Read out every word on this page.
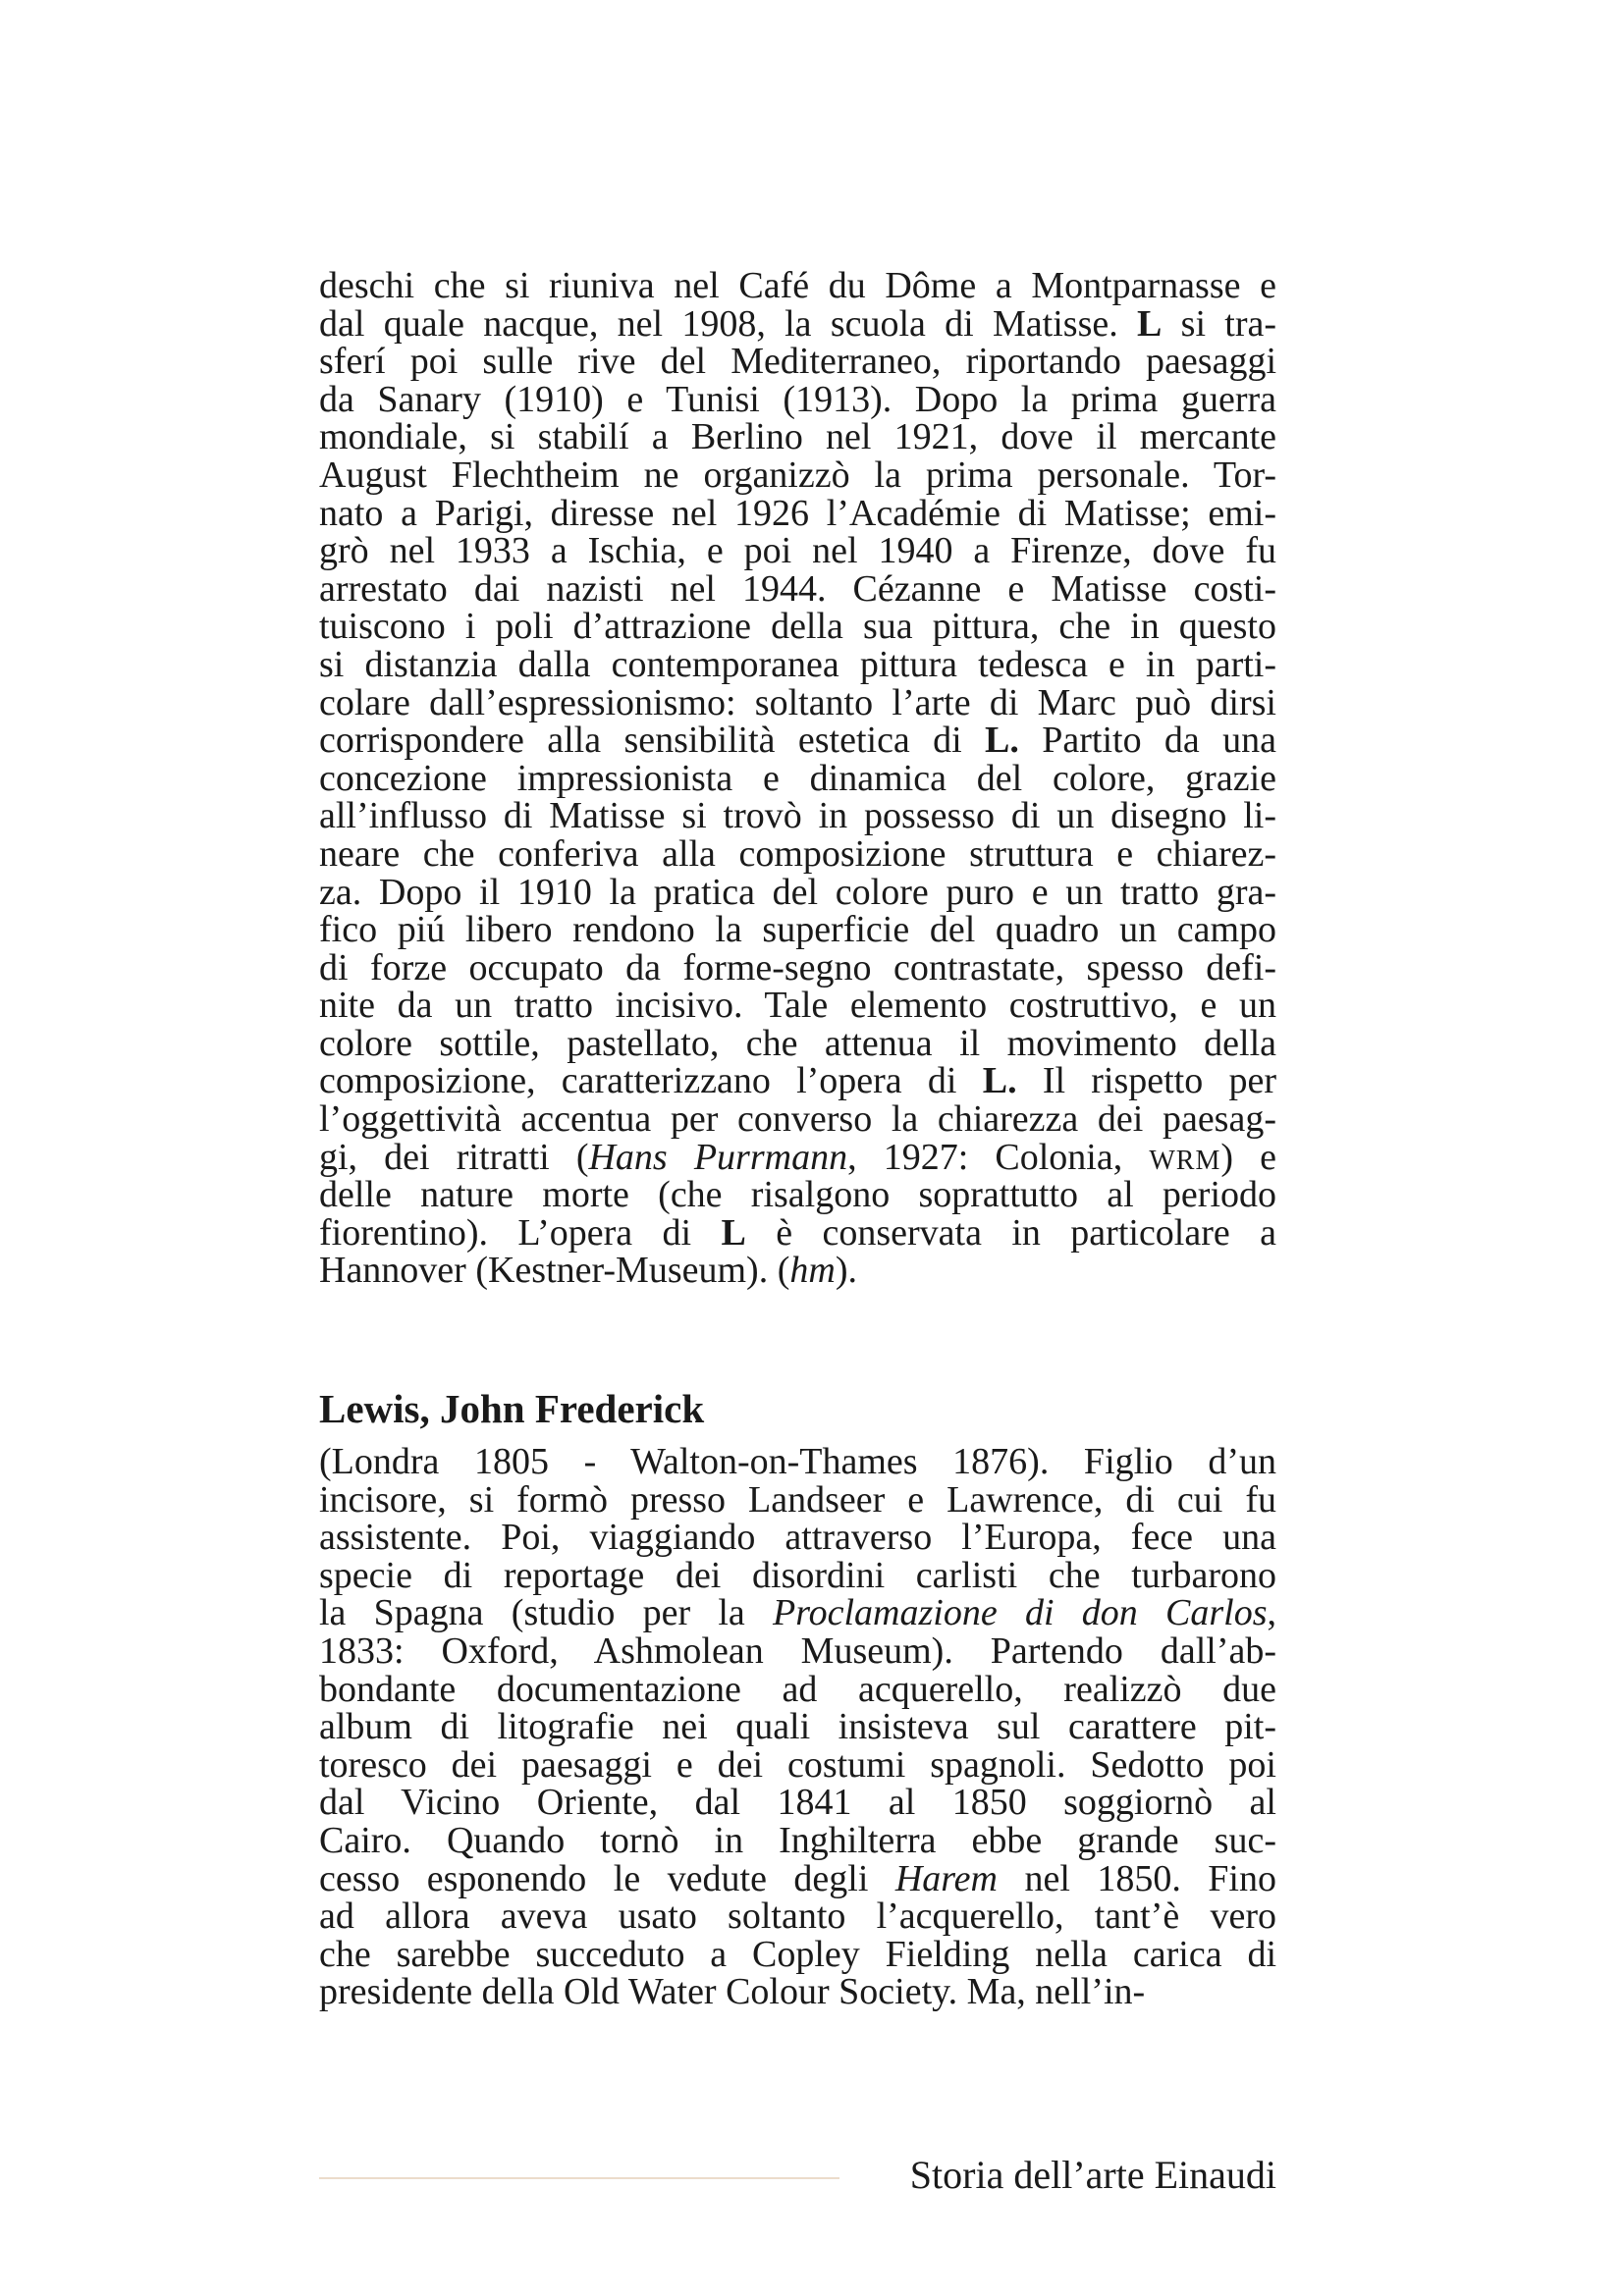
deschi che si riuniva nel Café du Dôme a Montparnasse e
dal quale nacque, nel 1908, la scuola di Matisse. L si tra-
sferí poi sulle rive del Mediterraneo, riportando paesaggi
da Sanary (1910) e Tunisi (1913). Dopo la prima guerra
mondiale, si stabilí a Berlino nel 1921, dove il mercante
August Flechtheim ne organizzò la prima personale. Tor-
nato a Parigi, diresse nel 1926 l’Académie di Matisse; emi-
grò nel 1933 a Ischia, e poi nel 1940 a Firenze, dove fu
arrestato dai nazisti nel 1944. Cézanne e Matisse costi-
tuiscono i poli d’attrazione della sua pittura, che in questo
si distanzia dalla contemporanea pittura tedesca e in parti-
colare dall’espressionismo: soltanto l’arte di Marc può dirsi
corrispondere alla sensibilità estetica di L. Partito da una
concezione impressionista e dinamica del colore, grazie
all’influsso di Matisse si trovò in possesso di un disegno li-
neare che conferiva alla composizione struttura e chiarez-
za. Dopo il 1910 la pratica del colore puro e un tratto gra-
fico piú libero rendono la superficie del quadro un campo
di forze occupato da forme-segno contrastate, spesso defi-
nite da un tratto incisivo. Tale elemento costruttivo, e un
colore sottile, pastellato, che attenua il movimento della
composizione, caratterizzano l’opera di L. Il rispetto per
l’oggettività accentua per converso la chiarezza dei paesag-
gi, dei ritratti (Hans Purrmann, 1927: Colonia, WRM) e
delle nature morte (che risalgono soprattutto al periodo
fiorentino). L’opera di L è conservata in particolare a
Hannover (Kestner-Museum). (hm).
Lewis, John Frederick
(Londra 1805 - Walton-on-Thames 1876). Figlio d’un
incisore, si formò presso Landseer e Lawrence, di cui fu
assistente. Poi, viaggiando attraverso l’Europa, fece una
specie di reportage dei disordini carlisti che turbarono
la Spagna (studio per la Proclamazione di don Carlos,
1833: Oxford, Ashmolean Museum). Partendo dall’ab-
bondante documentazione ad acquerello, realizzò due
album di litografie nei quali insisteva sul carattere pit-
toresco dei paesaggi e dei costumi spagnoli. Sedotto poi
dal Vicino Oriente, dal 1841 al 1850 soggiornò al
Cairo. Quando tornò in Inghilterra ebbe grande suc-
cesso esponendo le vedute degli Harem nel 1850. Fino
ad allora aveva usato soltanto l’acquerello, tant’è vero
che sarebbe succeduto a Copley Fielding nella carica di
presidente della Old Water Colour Society. Ma, nell’in-
Storia dell’arte Einaudi
